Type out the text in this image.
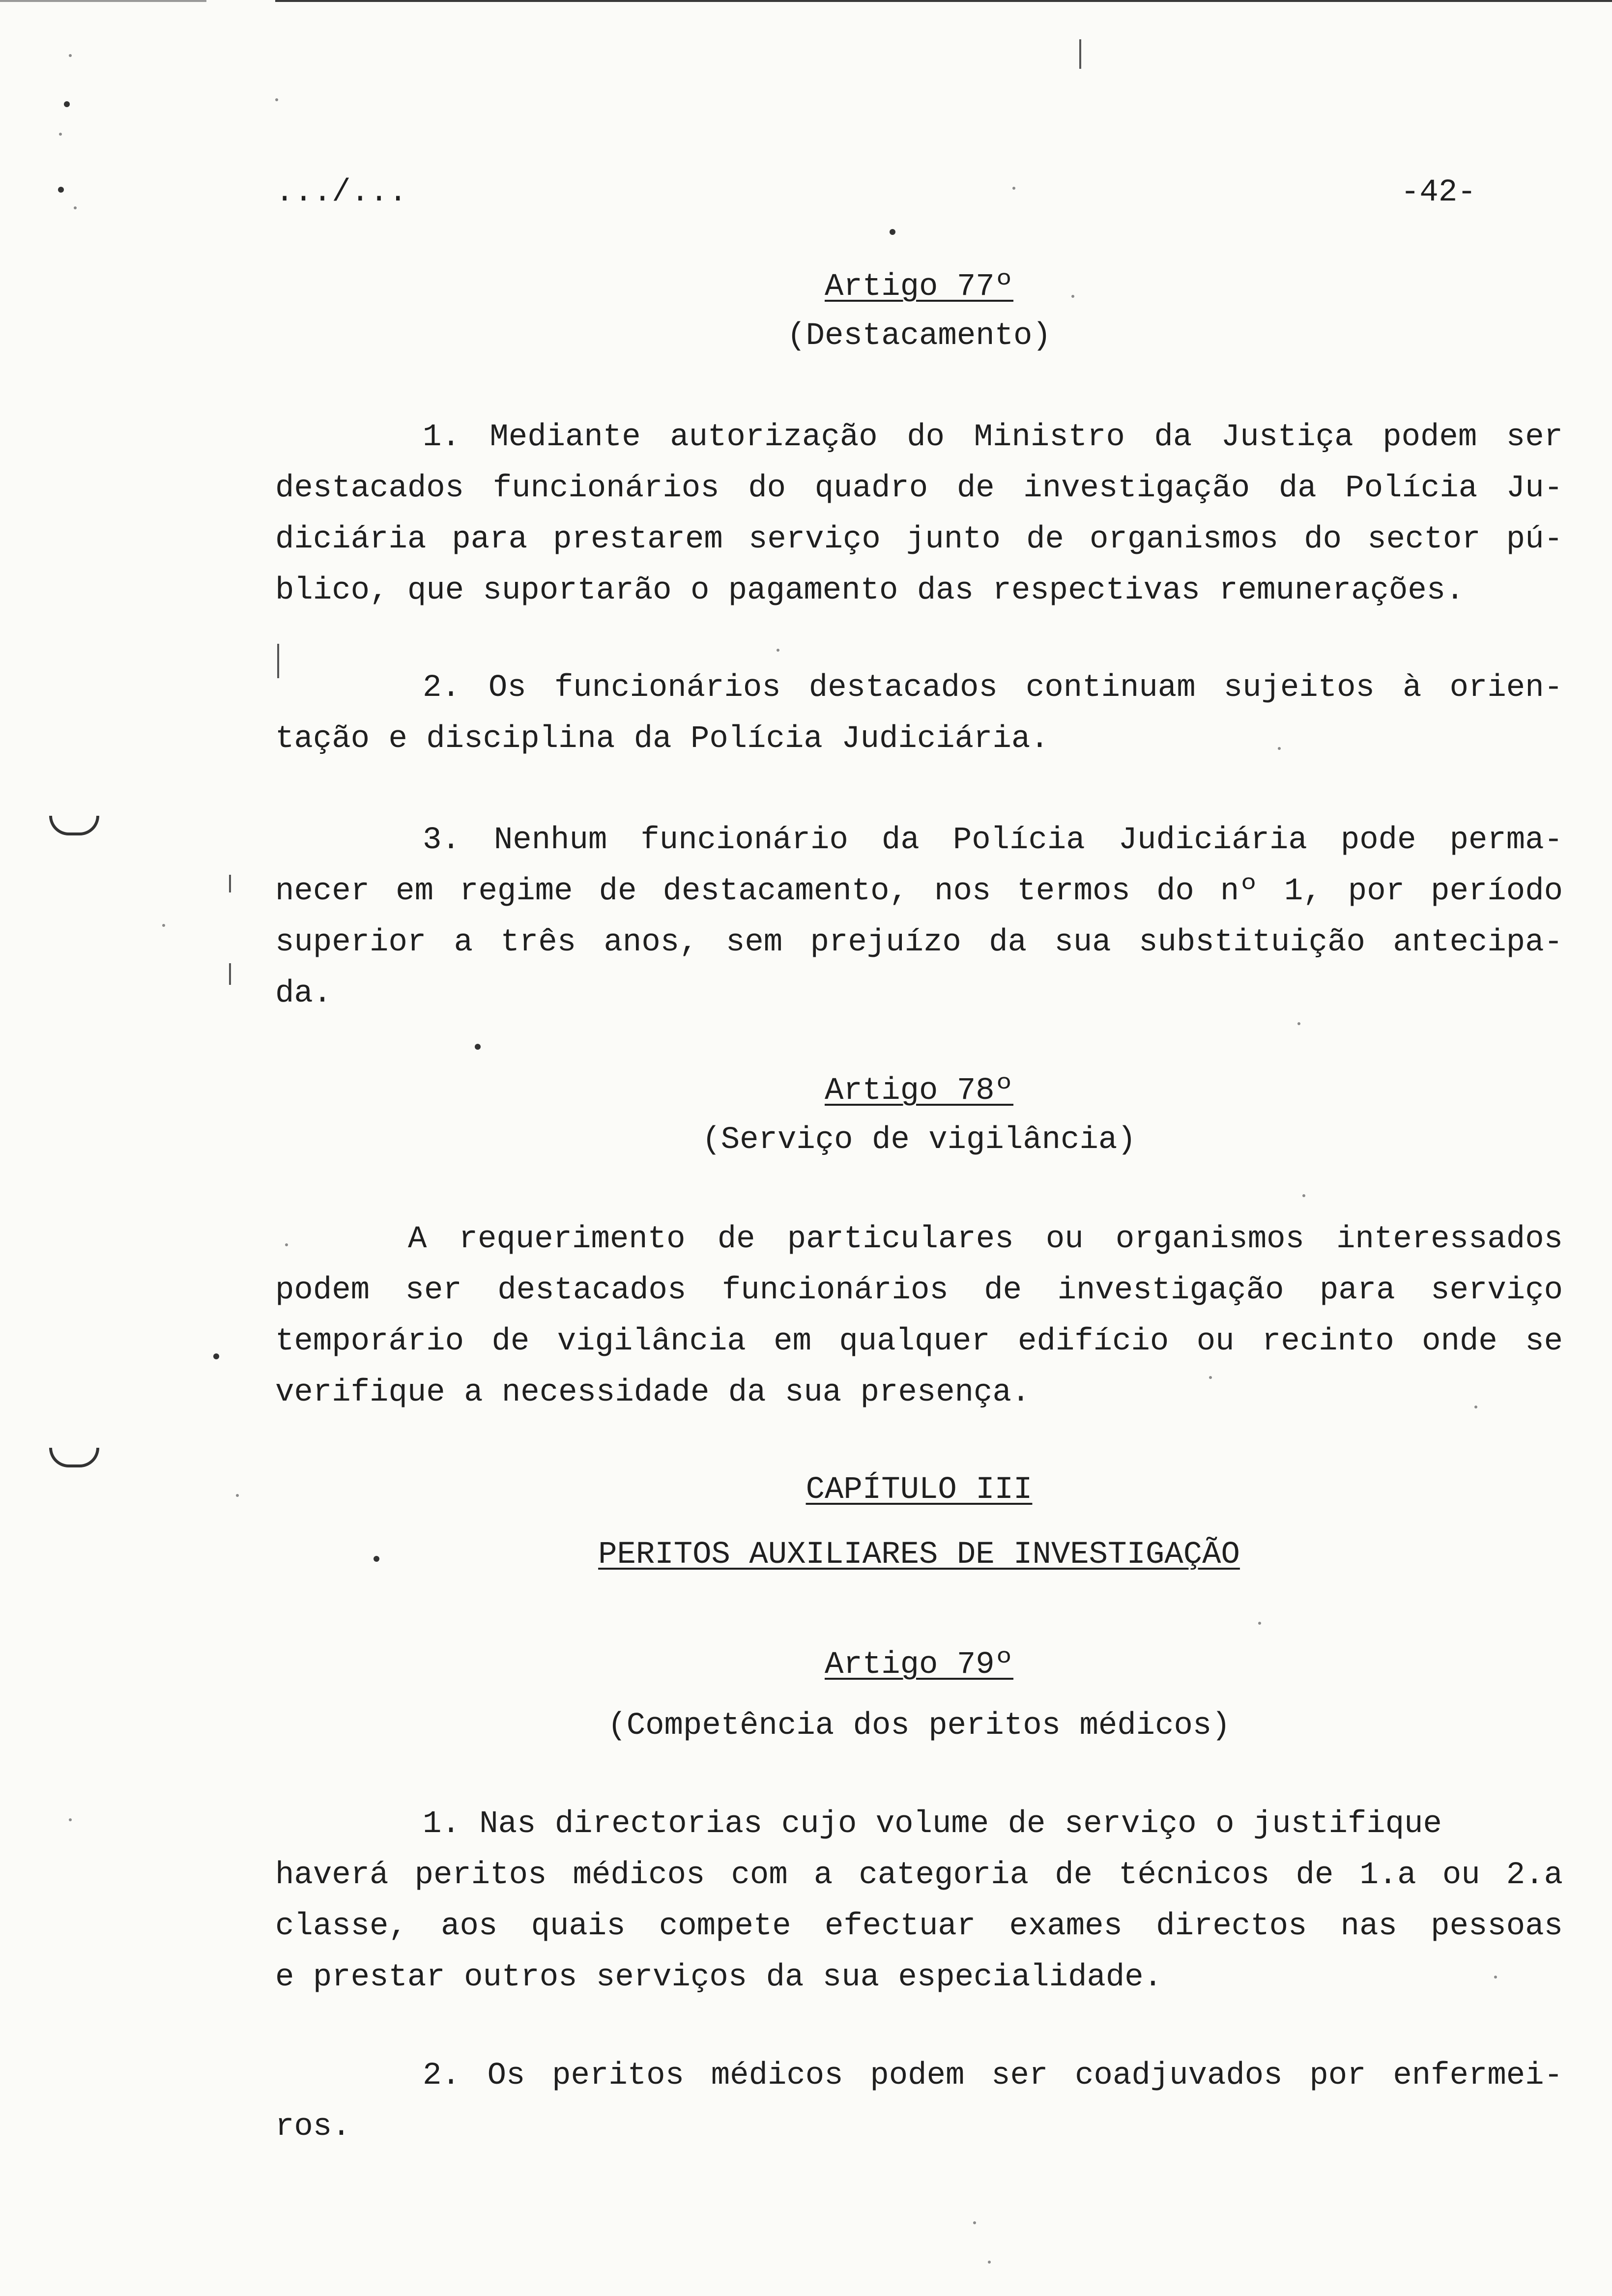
.../...	-42-
Artigo 77º
(Destacamento)
1. Mediante autorização do Ministro da Justiça podem ser
destacados funcionários do quadro de investigação da Polícia Ju-
diciária para prestarem serviço junto de organismos do sector pú-
blico, que suportarão o pagamento das respectivas remunerações.
2. Os funcionários destacados continuam sujeitos à orien-
tação e disciplina da Polícia Judiciária.
3. Nenhum funcionário da Polícia Judiciária pode perma-
necer em regime de destacamento, nos termos do nº 1, por período
superior a três anos, sem prejuízo da sua substituição antecipa-
da.
Artigo 78º
(Serviço de vigilância)
A requerimento de particulares ou organismos interessados
podem ser destacados funcionários de investigação para serviço
temporário de vigilância em qualquer edifício ou recinto onde se
verifique a necessidade da sua presença.
CAPÍTULO III
PERITOS AUXILIARES DE INVESTIGAÇÃO
Artigo 79º
(Competência dos peritos médicos)
1. Nas directorias cujo volume de serviço o justifique
haverá peritos médicos com a categoria de técnicos de 1.a ou 2.a
classe, aos quais compete efectuar exames directos nas pessoas
e prestar outros serviços da sua especialidade.
2. Os peritos médicos podem ser coadjuvados por enfermei-
ros.
